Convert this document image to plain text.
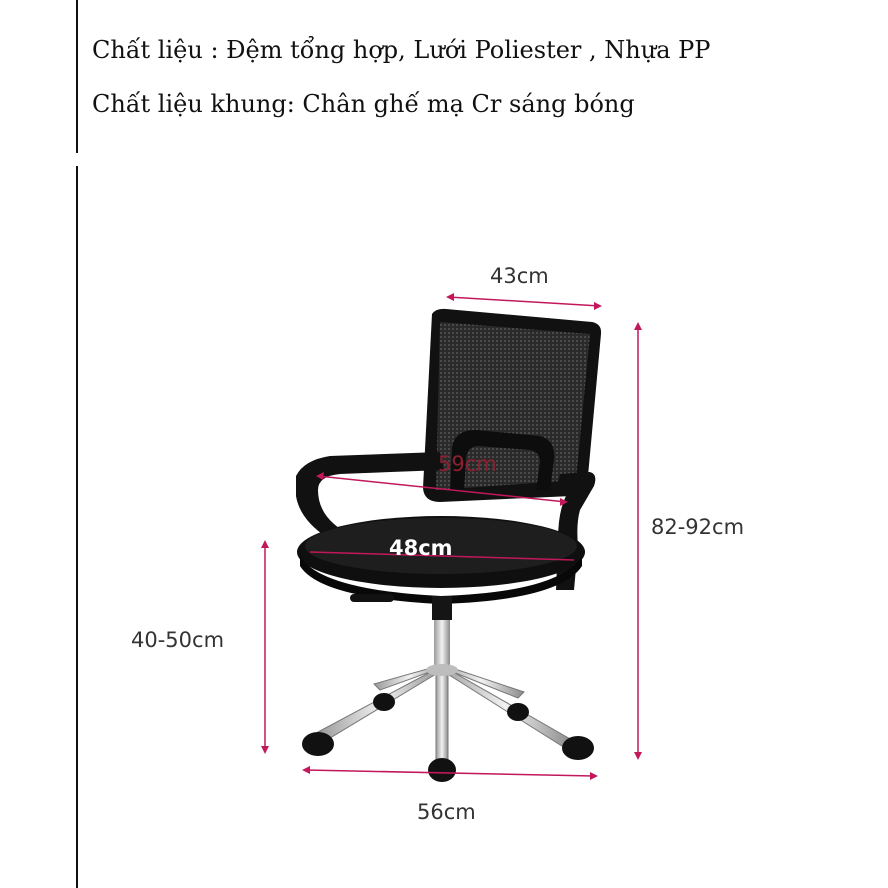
Chất liệu : Đệm tổng hợp, Lưới Poliester , Nhựa PP
Chất liệu khung: Chân ghế mạ Cr sáng bóng
43cm
59cm
48cm
82-92cm
40-50cm
56cm
